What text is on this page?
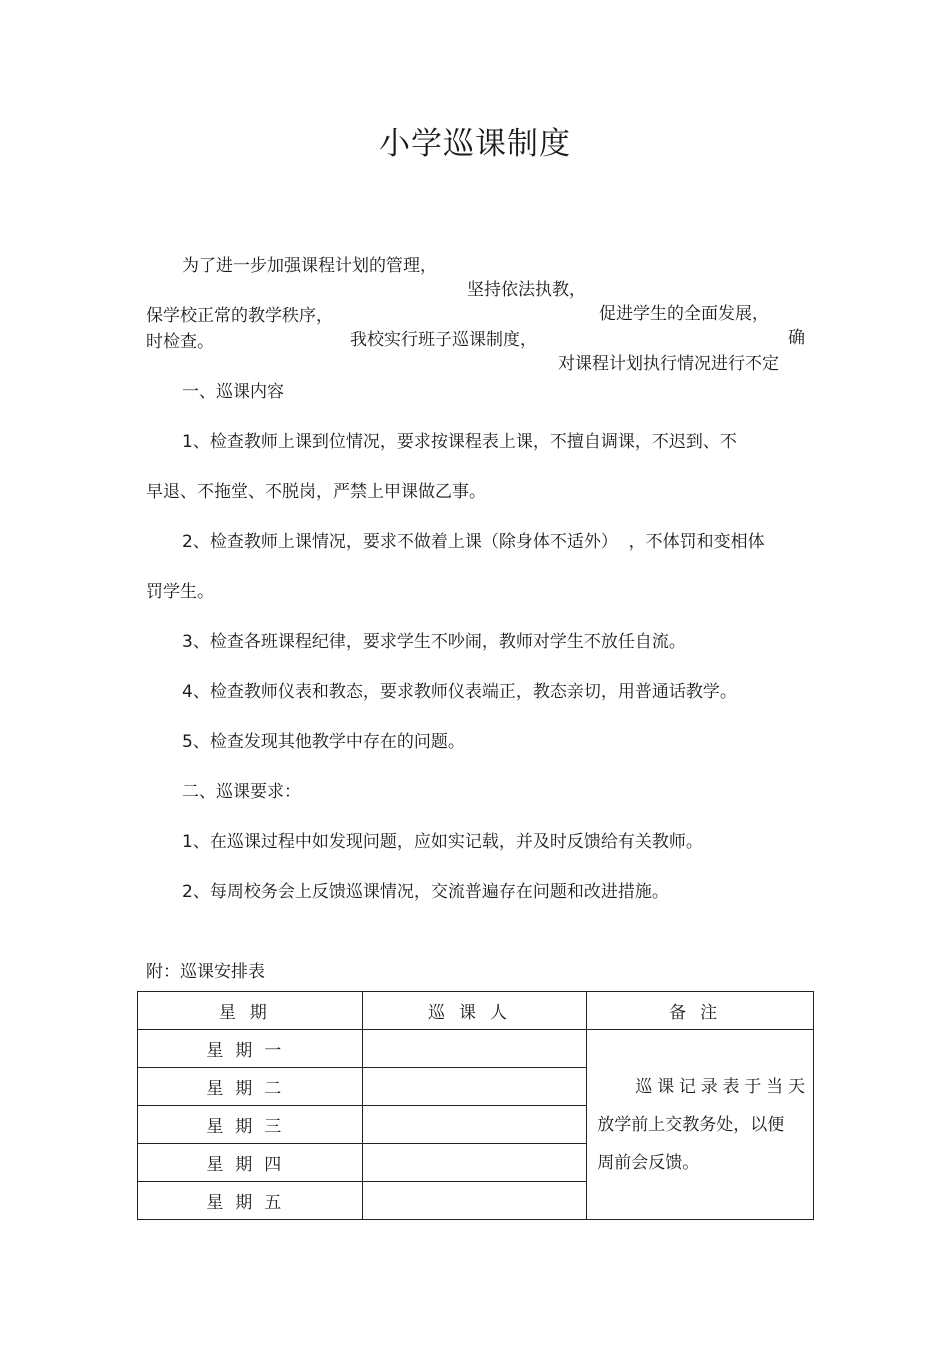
小学巡课制度

为了进一步加强课程计划的管理，

坚持依法执教，

促进学生的全面发展，

确

保学校正常的教学秩序，

我校实行班子巡课制度，

对课程计划执行情况进行不定

时检查。
一、巡课内容
1、检查教师上课到位情况，要求按课程表上课，不擅自调课，不迟到、不
早退、不拖堂、不脱岗，严禁上甲课做乙事。
2、检查教师上课情况，要求不做着上课（除身体不适外）  ，不体罚和变相体
罚学生。
3、检查各班课程纪律，要求学生不吵闹，教师对学生不放任自流。
4、检查教师仪表和教态，要求教师仪表端正，教态亲切，用普通话教学。
5、检查发现其他教学中存在的问题。
二、巡课要求：
1、在巡课过程中如发现问题，应如实记载，并及时反馈给有关教师。
2、每周校务会上反馈巡课情况，交流普遍存在问题和改进措施。
附：巡课安排表
星期	巡课人	备注
星期一		巡课记录表于当天
放学前上交教务处，以便
周前会反馈。

星期二		
星期三		
星期四		
星期五		
